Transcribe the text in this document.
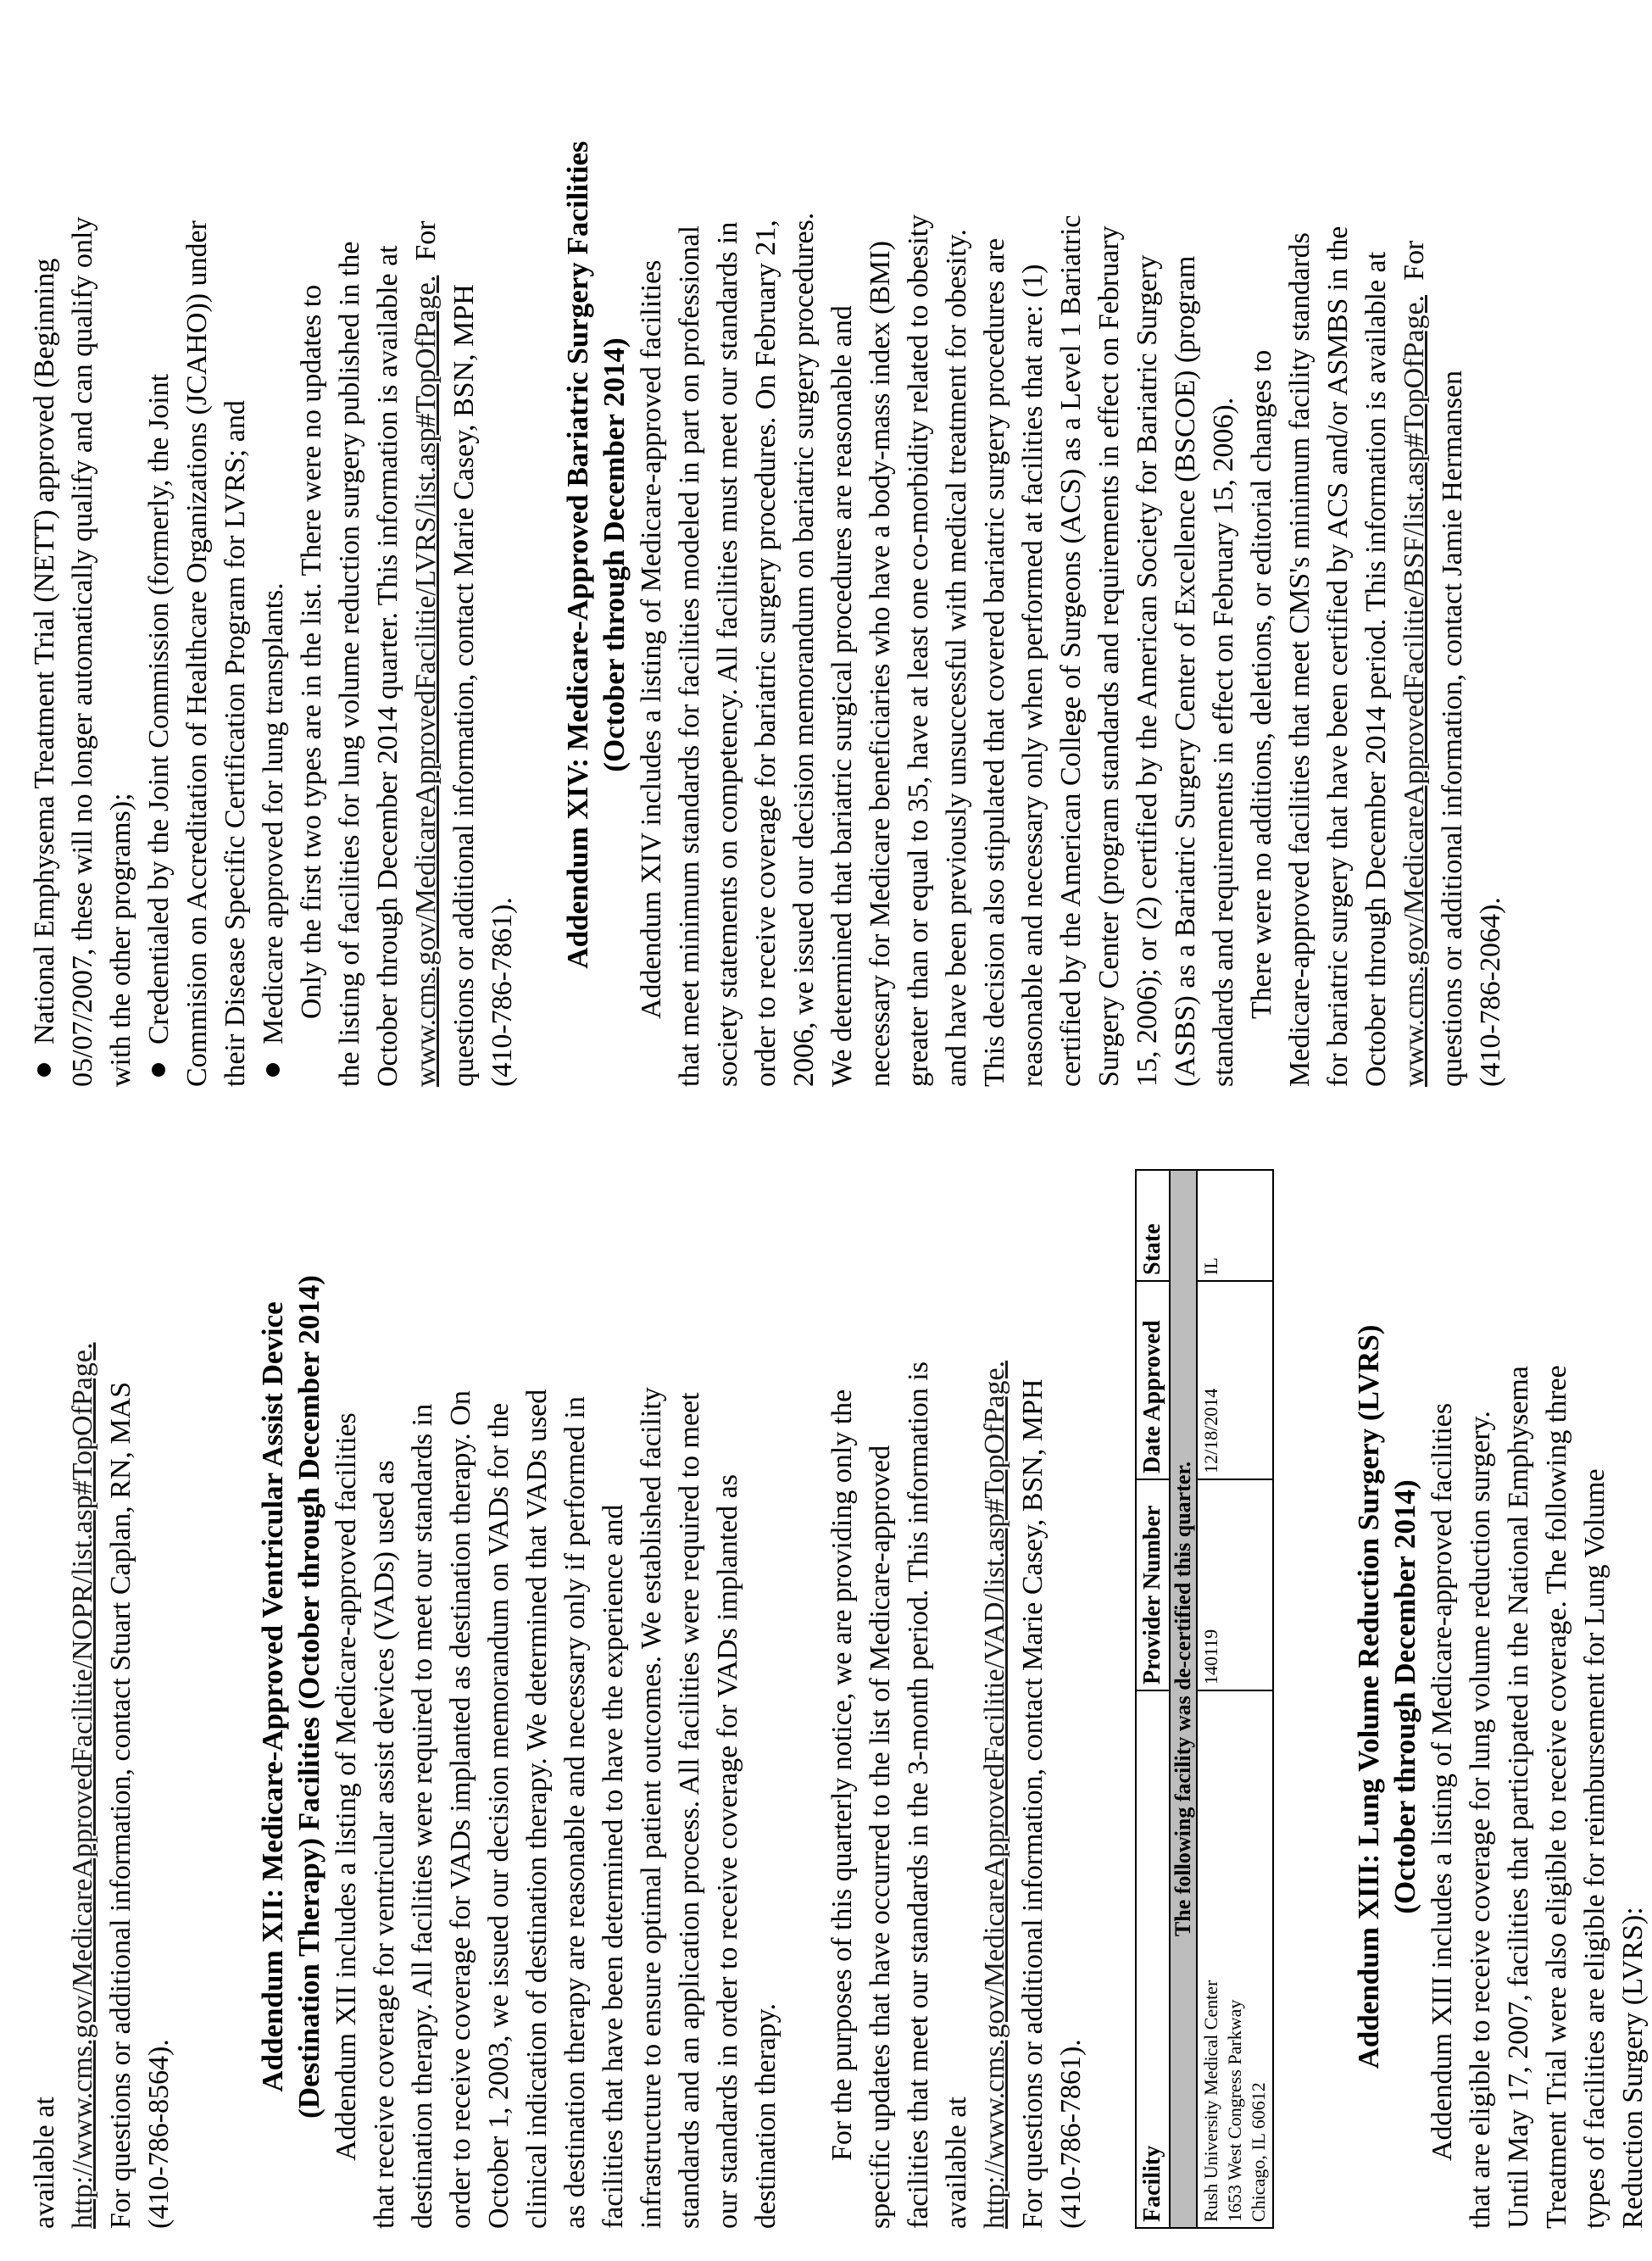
available at http://www.cms.gov/MedicareApprovedFacilitie/NOPR/list.asp#TopOfPage. For questions or additional information, contact Stuart Caplan, RN, MAS (410-786-8564).

Addendum XII: Medicare-Approved Ventricular Assist Device (Destination Therapy) Facilities (October through December 2014) Addendum XII includes a listing of Medicare-approved facilities that receive coverage for ventricular assist devices (VADs) used as destination therapy. All facilities were required to meet our standards in order to receive coverage for VADs implanted as destination therapy. On October 1, 2003, we issued our decision memorandum on VADs for the clinical indication of destination therapy. We determined that VADs used as destination therapy are reasonable and necessary only if performed in facilities that have been determined to have the experience and infrastructure to ensure optimal patient outcomes. We established facility standards and an application process. All facilities were required to meet our standards in order to receive coverage for VADs implanted as destination therapy. For the purposes of this quarterly notice, we are providing only the specific updates that have occurred to the list of Medicare-approved facilities that meet our standards in the 3-month period. This information is available at http://www.cms.gov/MedicareApprovedFacilitie/VAD/list.asp#TopOfPage. For questions or additional information, contact Marie Casey, BSN, MPH (410-786-7861). Facility	Provider Number	Date Approved	State
The following facility was de-certified this quarter.			

Rush University Medical Center 1653 West Congress Parkway Chicago, IL 60612	140119	12/18/2014	IL
Addendum XIII: Lung Volume Reduction Surgery (LVRS) (October through December 2014) Addendum XIII includes a listing of Medicare-approved facilities that are eligible to receive coverage for lung volume reduction surgery. Until May 17, 2007, facilities that participated in the National Emphysema Treatment Trial were also eligible to receive coverage. The following three types of facilities are eligible for reimbursement for Lung Volume Reduction Surgery (LVRS):

National Emphysema Treatment Trial (NETT) approved (Beginning 05/07/2007, these will no longer automatically qualify and can qualify only with the other programs); Credentialed by the Joint Commission (formerly, the Joint Commision on Accreditation of Healthcare Organizations (JCAHO)) under their Disease Specific Certification Program for LVRS; and Medicare approved for lung transplants. Only the first two types are in the list. There were no updates to the listing of facilities for lung volume reduction surgery published in the October through December 2014 quarter. This information is available at www.cms.gov/MedicareApprovedFacilitie/LVRS/list.asp#TopOfPage.  For

questions or additional information, contact Marie Casey, BSN, MPH (410-786-7861).

Addendum XIV: Medicare-Approved Bariatric Surgery Facilities (October through December 2014) Addendum XIV includes a listing of Medicare-approved facilities that meet minimum standards for facilities modeled in part on professional society statements on competency. All facilities must meet our standards in order to receive coverage for bariatric surgery procedures. On February 21, 2006, we issued our decision memorandum on bariatric surgery procedures. We determined that bariatric surgical procedures are reasonable and necessary for Medicare beneficiaries who have a body-mass index (BMI) greater than or equal to 35, have at least one co-morbidity related to obesity and have been previously unsuccessful with medical treatment for obesity. This decision also stipulated that covered bariatric surgery procedures are reasonable and necessary only when performed at facilities that are: (1) certified by the American College of Surgeons (ACS) as a Level 1 Bariatric Surgery Center (program standards and requirements in effect on February 15, 2006); or (2) certified by the American Society for Bariatric Surgery (ASBS) as a Bariatric Surgery Center of Excellence (BSCOE) (program standards and requirements in effect on February 15, 2006). There were no additions, deletions, or editorial changes to Medicare-approved facilities that meet CMS's minimum facility standards for bariatric surgery that have been certified by ACS and/or ASMBS in the October through December 2014 period. This information is available at www.cms.gov/MedicareApprovedFacilitie/BSF/list.asp#TopOfPage.  For

questions or additional information, contact Jamie Hermansen (410-786-2064).
